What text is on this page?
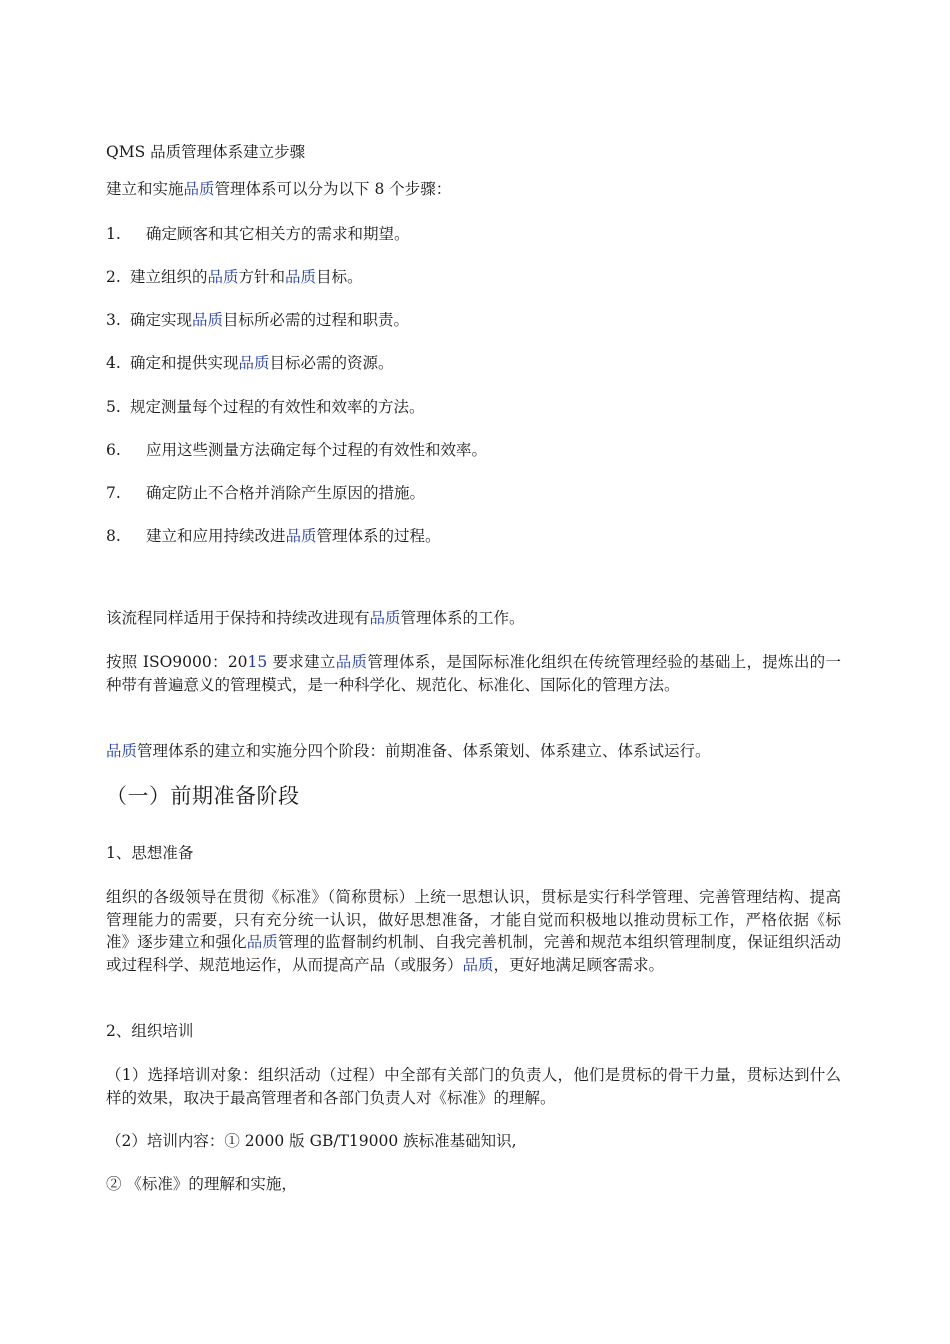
QMS 品质管理体系建立步骤
建立和实施品质管理体系可以分为以下 8 个步骤：
1. 确定顾客和其它相关方的需求和期望。
2. 建立组织的品质方针和品质目标。
3. 确定实现品质目标所必需的过程和职责。
4. 确定和提供实现品质目标必需的资源。
5. 规定测量每个过程的有效性和效率的方法。
6. 应用这些测量方法确定每个过程的有效性和效率。
7. 确定防止不合格并消除产生原因的措施。
8. 建立和应用持续改进品质管理体系的过程。
该流程同样适用于保持和持续改进现有品质管理体系的工作。
按照 ISO9000：2015 要求建立品质管理体系，是国际标准化组织在传统管理经验的基础上，提炼出的一种带有普遍意义的管理模式，是一种科学化、规范化、标准化、国际化的管理方法。
品质管理体系的建立和实施分四个阶段：前期准备、体系策划、体系建立、体系试运行。
（一）前期准备阶段
1、思想准备
组织的各级领导在贯彻《标准》（简称贯标）上统一思想认识，贯标是实行科学管理、完善管理结构、提高管理能力的需要，只有充分统一认识，做好思想准备，才能自觉而积极地以推动贯标工作，严格依据《标准》逐步建立和强化品质管理的监督制约机制、自我完善机制，完善和规范本组织管理制度，保证组织活动或过程科学、规范地运作，从而提高产品（或服务）品质，更好地满足顾客需求。
2、组织培训
（1）选择培训对象：组织活动（过程）中全部有关部门的负责人，他们是贯标的骨干力量，贯标达到什么样的效果，取决于最高管理者和各部门负责人对《标准》的理解。
（2）培训内容：① 2000 版 GB/T19000 族标准基础知识,
② 《标准》的理解和实施，
